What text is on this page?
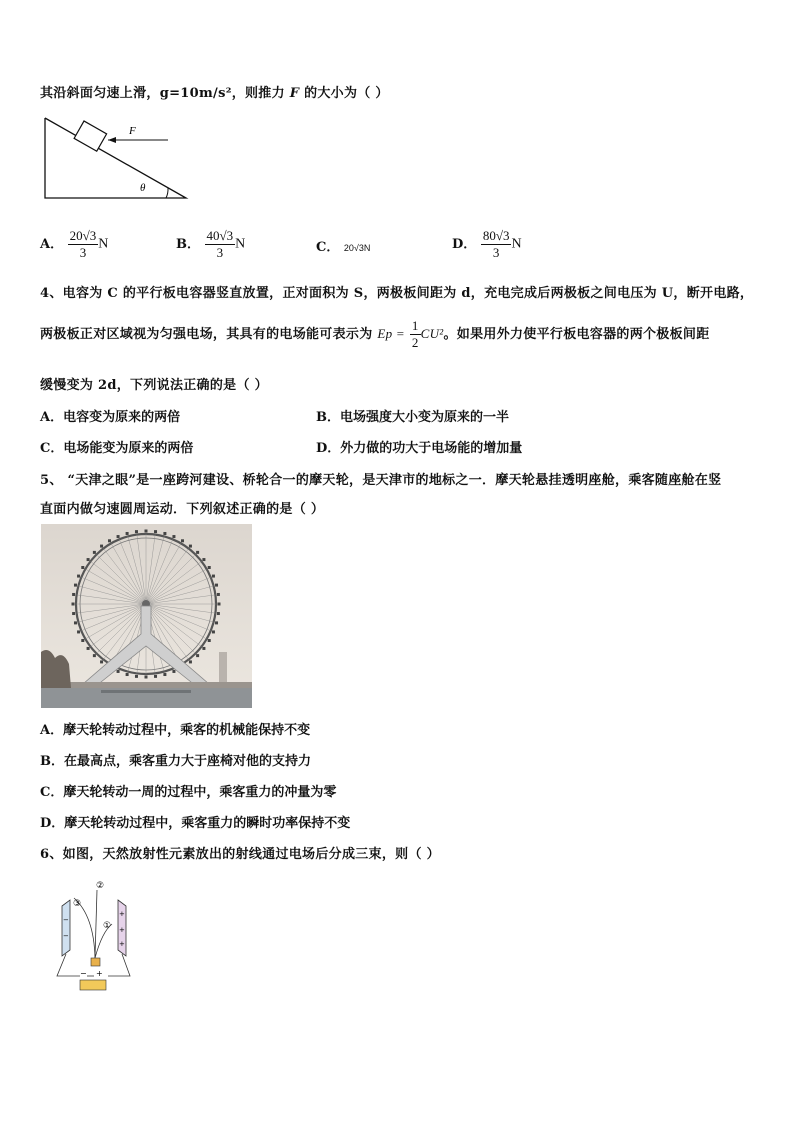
其沿斜面匀速上滑，g=10m/s²，则推力 F 的大小为（ ）
F
θ
A． $\frac{20√3}{3}$ N	B． $\frac{40√3}{3}$ N	C． 20√3N	D． $\frac{80√3}{3}$ N
4、电容为 C 的平行板电容器竖直放置，正对面积为 S，两极板间距为 d，充电完成后两极板之间电压为 U，断开电路，
两极板正对区域视为匀强电场，其具有的电场能可表示为 $Ep = \frac{1}{2} CU^2$。如果用外力使平行板电容器的两个极板间距
缓慢变为 2d，下列说法正确的是（ ）
A．电容变为原来的两倍	B．电场强度大小变为原来的一半
C．电场能变为原来的两倍	D．外力做的功大于电场能的增加量
5、 “天津之眼”是一座跨河建设、桥轮合一的摩天轮，是天津市的地标之一．摩天轮悬挂透明座舱，乘客随座舱在竖
直面内做匀速圆周运动．下列叙述正确的是（ ）
A．摩天轮转动过程中，乘客的机械能保持不变
B．在最高点，乘客重力大于座椅对他的支持力
C．摩天轮转动一周的过程中，乘客重力的冲量为零
D．摩天轮转动过程中，乘客重力的瞬时功率保持不变
6、如图，天然放射性元素放出的射线通过电场后分成三束，则（ ）
−
−
+
+
+
③
②
①
− +
